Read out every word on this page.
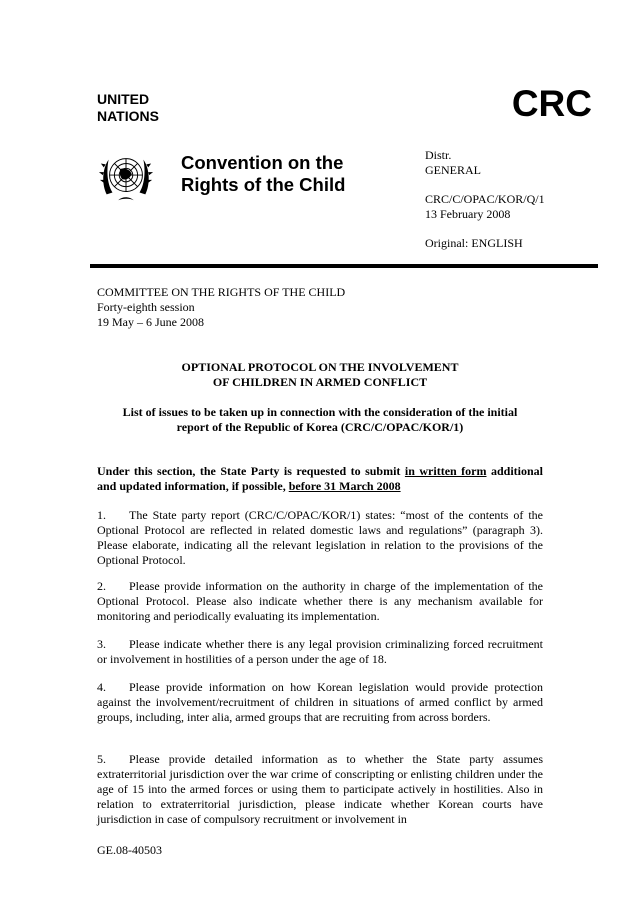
UNITED
NATIONS	CRC
Convention on the
Rights of the Child
Distr.
GENERAL
CRC/C/OPAC/KOR/Q/1
13 February 2008
Original: ENGLISH
COMMITTEE ON THE RIGHTS OF THE CHILD
Forty-eighth session
19 May – 6 June 2008
OPTIONAL PROTOCOL ON THE INVOLVEMENT
OF CHILDREN IN ARMED CONFLICT
List of issues to be taken up in connection with the consideration of the initial
report of the Republic of Korea (CRC/C/OPAC/KOR/1)
Under this section, the State Party is requested to submit in written form additional and updated information, if possible, before 31 March 2008
1. The State party report (CRC/C/OPAC/KOR/1) states: “most of the contents of the Optional Protocol are reflected in related domestic laws and regulations” (paragraph 3). Please elaborate, indicating all the relevant legislation in relation to the provisions of the Optional Protocol.
2. Please provide information on the authority in charge of the implementation of the Optional Protocol. Please also indicate whether there is any mechanism available for monitoring and periodically evaluating its implementation.
3. Please indicate whether there is any legal provision criminalizing forced recruitment or involvement in hostilities of a person under the age of 18.
4. Please provide information on how Korean legislation would provide protection against the involvement/recruitment of children in situations of armed conflict by armed groups, including, inter alia, armed groups that are recruiting from across borders.
5. Please provide detailed information as to whether the State party assumes extraterritorial jurisdiction over the war crime of conscripting or enlisting children under the age of 15 into the armed forces or using them to participate actively in hostilities. Also in relation to extraterritorial jurisdiction, please indicate whether Korean courts have jurisdiction in case of compulsory recruitment or involvement in
GE.08-40503
